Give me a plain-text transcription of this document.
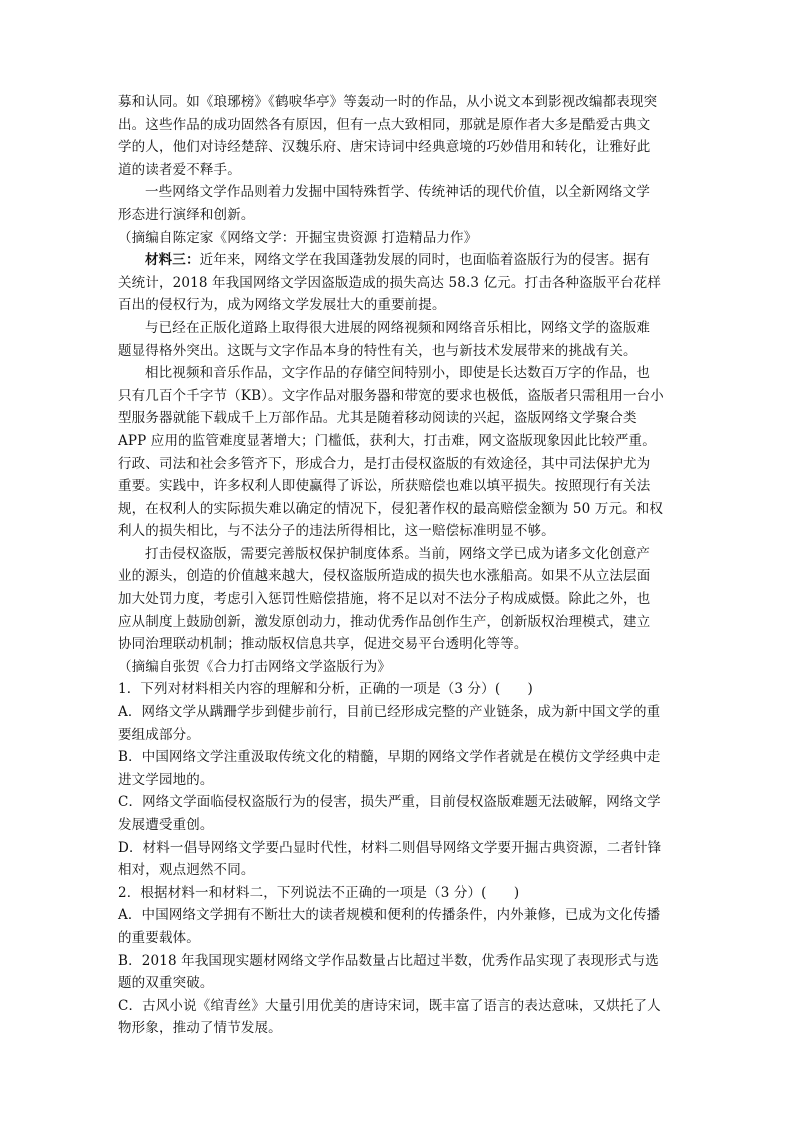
募和认同。如《琅琊榜》《鹤唳华亭》等轰动一时的作品，从小说文本到影视改编都表现突
出。这些作品的成功固然各有原因，但有一点大致相同，那就是原作者大多是酷爱古典文
学的人，他们对诗经楚辞、汉魏乐府、唐宋诗词中经典意境的巧妙借用和转化，让雅好此
道的读者爱不释手。
一些网络文学作品则着力发掘中国特殊哲学、传统神话的现代价值，以全新网络文学
形态进行演绎和创新。
（摘编自陈定家《网络文学：开掘宝贵资源 打造精品力作》
材料三：近年来，网络文学在我国蓬勃发展的同时，也面临着盗版行为的侵害。据有
关统计，2018 年我国网络文学因盗版造成的损失高达 58.3 亿元。打击各种盗版平台花样
百出的侵权行为，成为网络文学发展壮大的重要前提。
与已经在正版化道路上取得很大进展的网络视频和网络音乐相比，网络文学的盗版难
题显得格外突出。这既与文字作品本身的特性有关，也与新技术发展带来的挑战有关。
相比视频和音乐作品，文字作品的存储空间特别小，即使是长达数百万字的作品，也
只有几百个千字节（KB）。文字作品对服务器和带宽的要求也极低，盗版者只需租用一台小
型服务器就能下载成千上万部作品。尤其是随着移动阅读的兴起，盗版网络文学聚合类
APP 应用的监管难度显著增大；门槛低，获利大，打击难，网文盗版现象因此比较严重。
行政、司法和社会多管齐下，形成合力，是打击侵权盗版的有效途径，其中司法保护尤为
重要。实践中，许多权利人即使赢得了诉讼，所获赔偿也难以填平损失。按照现行有关法
规，在权利人的实际损失难以确定的情况下，侵犯著作权的最高赔偿金额为 50 万元。和权
利人的损失相比，与不法分子的违法所得相比，这一赔偿标准明显不够。
打击侵权盗版，需要完善版权保护制度体系。当前，网络文学已成为诸多文化创意产
业的源头，创造的价值越来越大，侵权盗版所造成的损失也水涨船高。如果不从立法层面
加大处罚力度，考虑引入惩罚性赔偿措施，将不足以对不法分子构成威慑。除此之外，也
应从制度上鼓励创新，激发原创动力，推动优秀作品创作生产，创新版权治理模式，建立
协同治理联动机制；推动版权信息共享，促进交易平台透明化等等。
（摘编自张贺《合力打击网络文学盗版行为》
1．下列对材料相关内容的理解和分析，正确的一项是（3 分）(　　)
A．网络文学从蹒跚学步到健步前行，目前已经形成完整的产业链条，成为新中国文学的重
要组成部分。
B．中国网络文学注重汲取传统文化的精髓，早期的网络文学作者就是在模仿文学经典中走
进文学园地的。
C．网络文学面临侵权盗版行为的侵害，损失严重，目前侵权盗版难题无法破解，网络文学
发展遭受重创。
D．材料一倡导网络文学要凸显时代性，材料二则倡导网络文学要开掘古典资源，二者针锋
相对，观点迥然不同。
2．根据材料一和材料二，下列说法不正确的一项是（3 分）(　　)
A．中国网络文学拥有不断壮大的读者规模和便利的传播条件，内外兼修，已成为文化传播
的重要载体。
B．2018 年我国现实题材网络文学作品数量占比超过半数，优秀作品实现了表现形式与选
题的双重突破。
C．古风小说《绾青丝》大量引用优美的唐诗宋词，既丰富了语言的表达意味，又烘托了人
物形象，推动了情节发展。
